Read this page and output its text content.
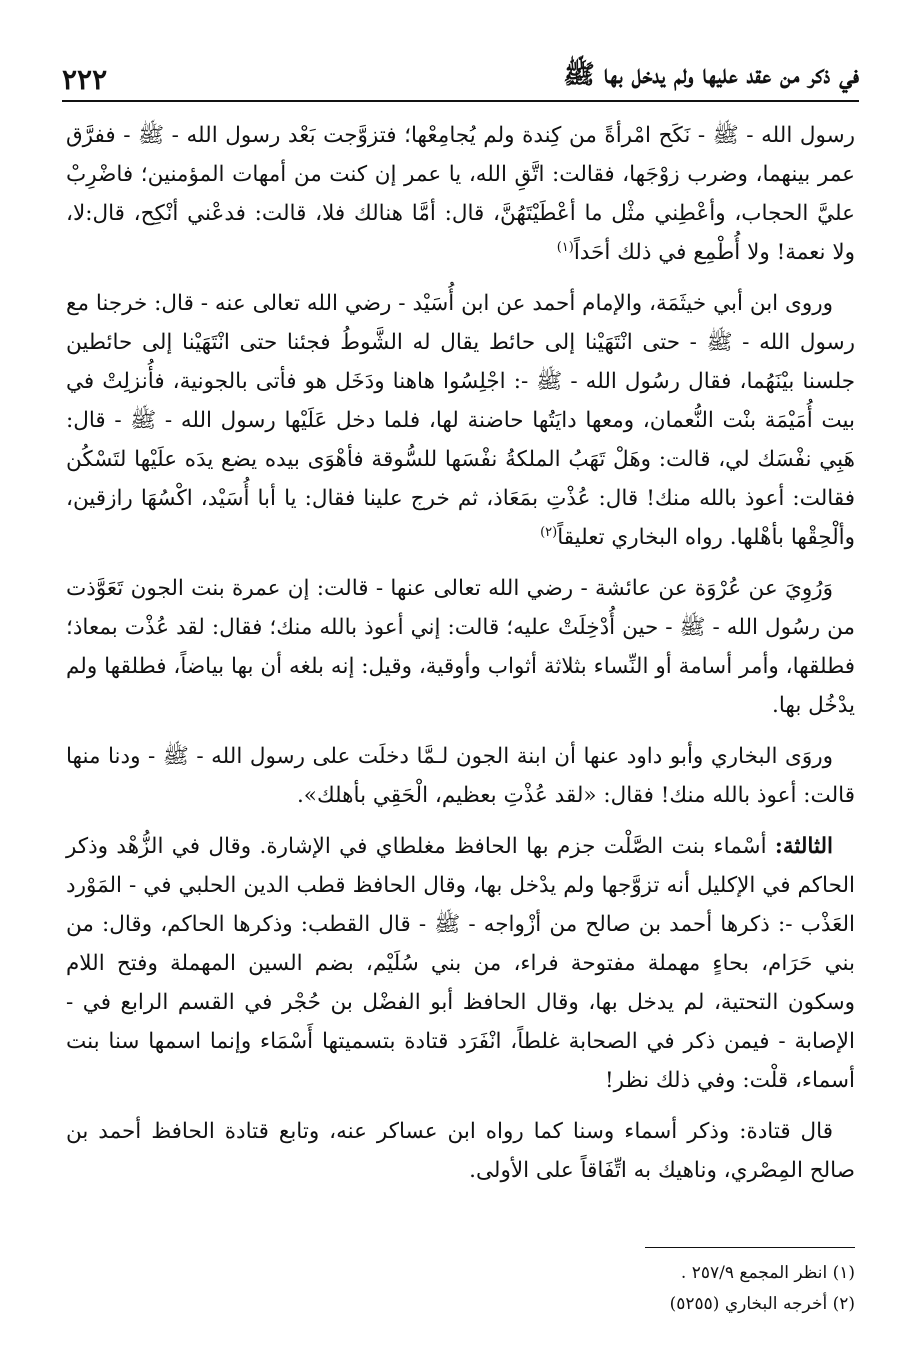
في ذكر من عقد عليها ولم يدخل بها ﷺ
٢٢٢

رسول الله - ﷺ - نَكَح امْرأةً من كِندة ولم يُجامِعْها؛ فتزوَّجت بَعْد رسول الله - ﷺ - ففرَّق عمر بينهما، وضرب زوْجَها، فقالت: اتَّقِ الله، يا عمر إن كنت من أمهات المؤمنين؛ فاضْرِبْ عليَّ الحجاب، وأعْطِني مثْل ما أعْطَيْتَهُنَّ، قال: أمَّا هنالك فلا، قالت: فدعْني أنْكِح، قال:لا، ولا نعمة! ولا أُطْمِع في ذلك أحَداً$^{(١)}$

وروى ابن أبي خيثَمَة، والإمام أحمد عن ابن أُسَيْد - رضي الله تعالى عنه - قال: خرجنا مع رسول الله - ﷺ - حتى انْتَهَيْنا إلى حائط يقال له الشَّوطُ فجئنا حتى انْتَهَيْنا إلى حائطين جلسنا بيْنَهُما، فقال رسُول الله - ﷺ -: اجْلِسُوا هاهنا ودَخَل هو فأتى بالجونية، فأُنزلِتْ في بيت أُمَيْمَة بنْت النُّعمان، ومعها دايَتُها حاضنة لها، فلما دخل عَلَيْها رسول الله - ﷺ - قال: هَبِي نفْسَك لي، قالت: وهَلْ تَهَبُ الملكةُ نفْسَها للسُّوقة فأهْوَى بيده يضع يدَه علَيْها لتَسْكُن فقالت: أعوذ بالله منك! قال: عُذْتِ بمَعَاذ، ثم خرج علينا فقال: يا أبا أُسَيْد، اكْسُهَا رازقين، وألْحِقْها بأهْلها. رواه البخاري تعليقاً$^{(٢)}$

وَرُوِيَ عن عُرْوَة عن عائشة - رضي الله تعالى عنها - قالت: إن عمرة بنت الجون تَعَوَّذت من رسُول الله - ﷺ - حين أُدْخِلَتْ عليه؛ قالت: إني أعوذ بالله منك؛ فقال: لقد عُذْت بمعاذ؛ فطلقها، وأمر أسامة أو النِّساء بثلاثة أثواب وأوقية، وقيل: إنه بلغه أن بها بياضاً، فطلقها ولم يدْخُل بها.

وروَى البخاري وأبو داود عنها أن ابنة الجون لـمَّا دخلَت على رسول الله - ﷺ - ودنا منها قالت: أعوذ بالله منك! فقال: «لقد عُذْتِ بعظيم، الْحَقِي بأهلك».

الثالثة: أسْماء بنت الصَّلْت جزم بها الحافظ مغلطاي في الإشارة. وقال في الزُّهْد وذكر الحاكم في الإكليل أنه تزوَّجها ولم يدْخل بها، وقال الحافظ قطب الدين الحلبي في - المَوْرد العَذْب -: ذكرها أحمد بن صالح من أزْواجه - ﷺ - قال القطب: وذكرها الحاكم، وقال: من بني حَرَام، بحاءٍ مهملة مفتوحة فراء، من بني سُلَيْم، بضم السين المهملة وفتح اللام وسكون التحتية، لم يدخل بها، وقال الحافظ أبو الفضْل بن حُجْر في القسم الرابع في - الإصابة - فيمن ذكر في الصحابة غلطاً، انْفَرَد قتادة بتسميتها أَسْمَاء وإنما اسمها سنا بنت أسماء، قلْت: وفي ذلك نظر!

قال قتادة: وذكر أسماء وسنا كما رواه ابن عساكر عنه، وتابع قتادة الحافظ أحمد بن صالح المِصْري، وناهيك به اتِّفَاقاً على الأولى.

(١) انظر المجمع ٢٥٧/٩ .
(٢) أخرجه البخاري (٥٢٥٥)
